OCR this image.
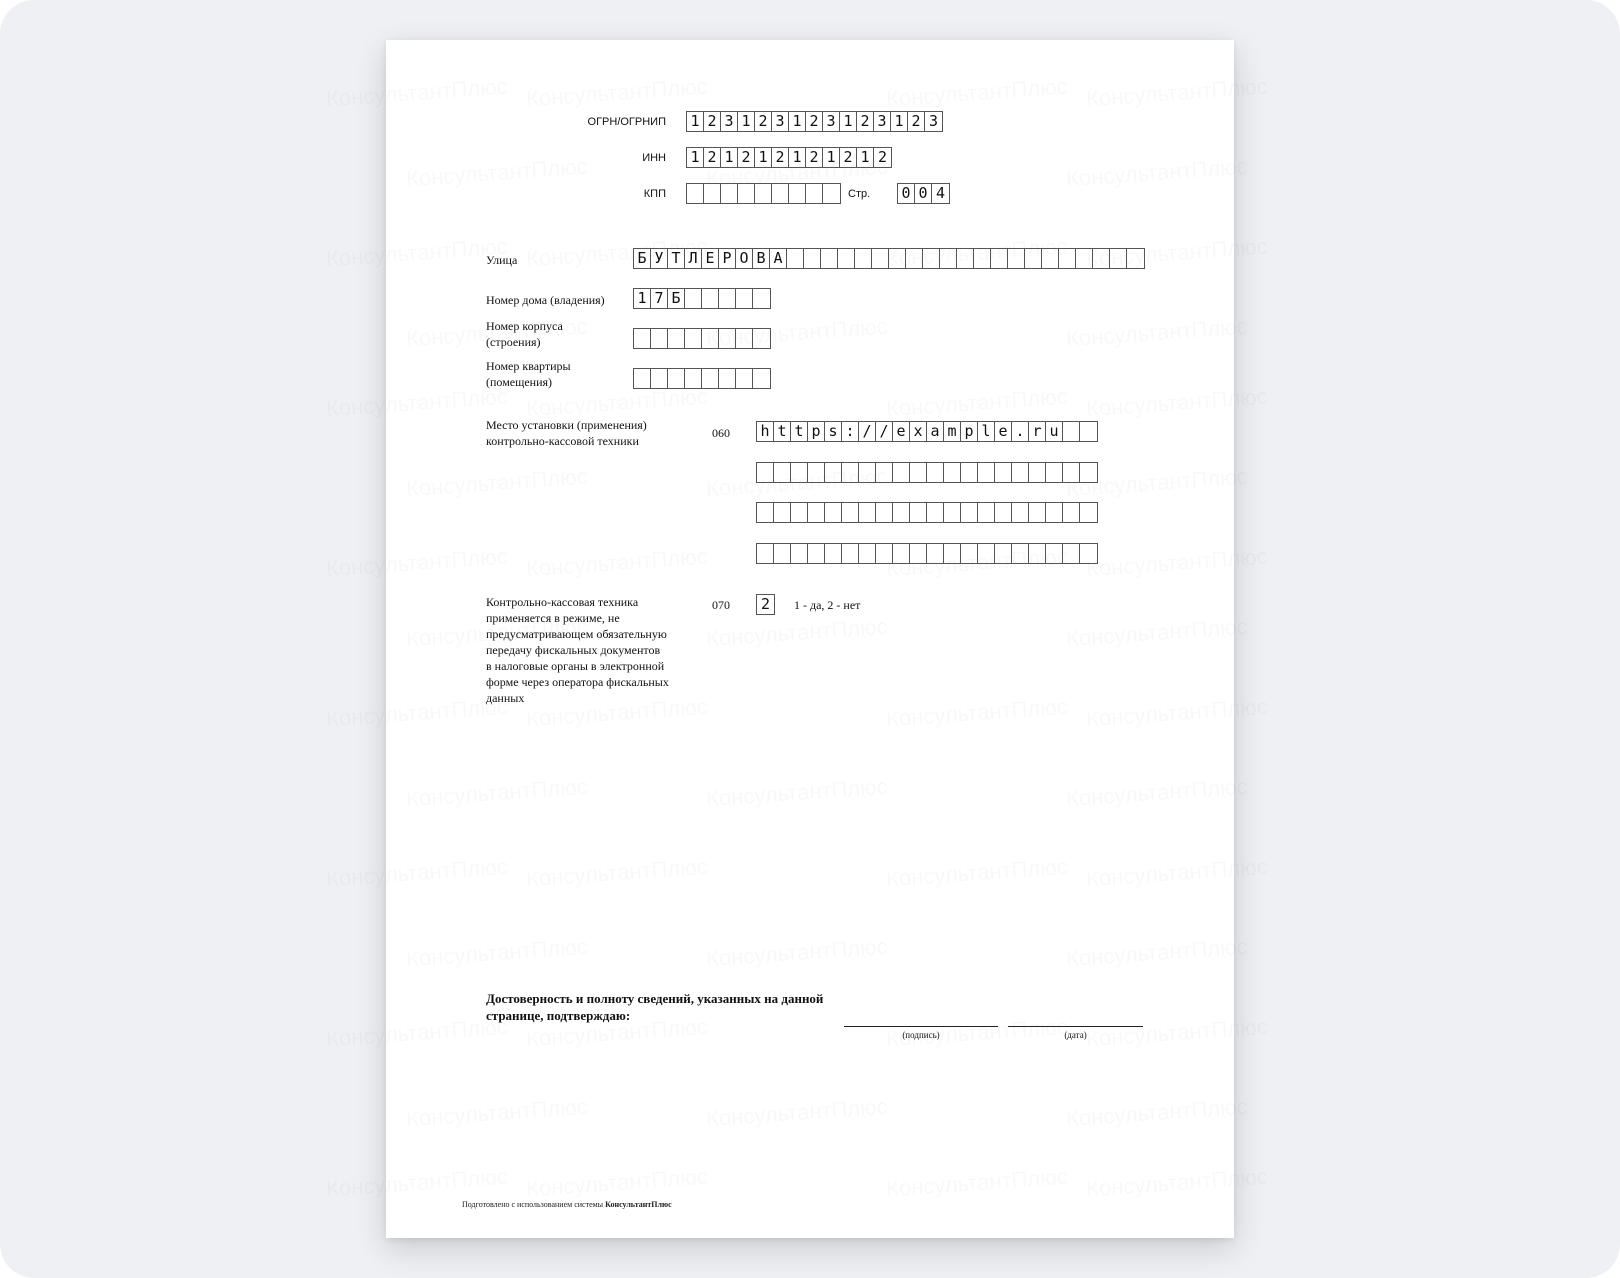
ОГРН/ОГРНИП 1 2 3 1 2 3 1 2 3 1 2 3 1 2 3
ИНН 1 2 1 2 1 2 1 2 1 2 1 2
КПП	Стр. 0 0 4
Улица	Б У Т Л Е Р О В А
Номер дома (владения) 1 7 Б
Номер корпуса
(строения)
Номер квартиры
(помещения)
Место установки (применения)
контрольно-кассовой техники
060 h t t p s : / / e x a m p l e . r u
Контрольно-кассовая техника
применяется в режиме, не
предусматривающем обязательную
передачу фискальных документов
в налоговые органы в электронной
форме через оператора фискальных
данных
070 2	1 - да, 2 - нет
Достоверность и полноту сведений, указанных на данной
странице, подтверждаю:
(подпись)	(дата)
Подготовлено с использованием системы КонсультантПлюс
